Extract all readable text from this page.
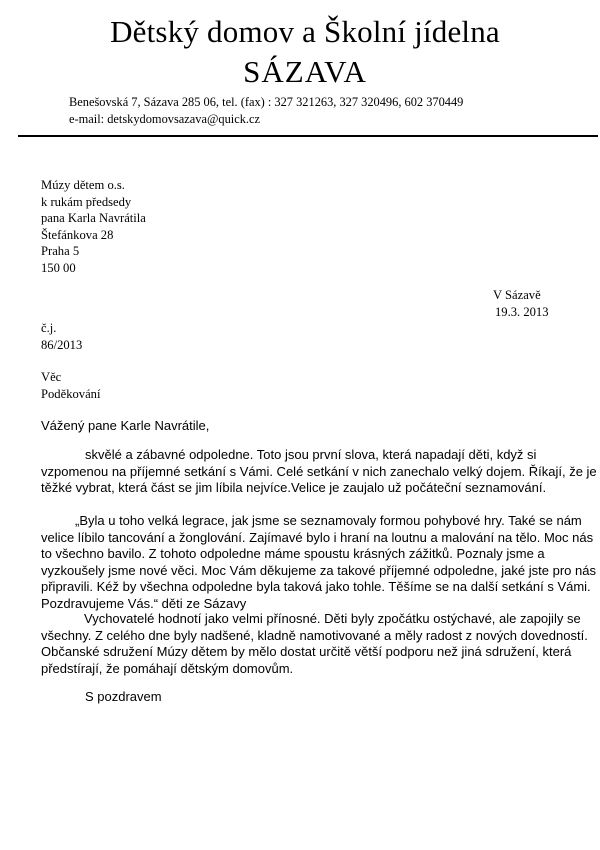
Dětský domov a Školní jídelna
SÁZAVA
Benešovská 7, Sázava 285 06, tel. (fax) : 327 321263, 327 320496, 602 370449
e-mail: detskydomovsazava@quick.cz
Múzy dětem o.s.
k rukám předsedy
pana Karla Navrátila
Štefánkova 28
Praha 5
150 00
V Sázavě
19.3. 2013
č.j.
86/2013
Věc
Poděkování
Vážený pane Karle Navrátile,
skvělé a zábavné odpoledne. Toto jsou první slova, která napadají děti, když si
vzpomenou na příjemné setkání s Vámi. Celé setkání v nich zanechalo velký dojem. Říkají, že je
těžké vybrat, která část se jim líbila nejvíce.Velice je zaujalo už počáteční seznamování.
„Byla u toho velká legrace, jak jsme se seznamovaly formou pohybové hry. Také se nám
velice líbilo tancování a žonglování. Zajímavé bylo i hraní na loutnu a malování na tělo. Moc nás
to všechno bavilo. Z tohoto odpoledne máme spoustu krásných zážitků. Poznaly jsme a
vyzkoušely jsme nové věci. Moc Vám děkujeme za takové příjemné odpoledne, jaké jste pro nás
připravili. Kéž by všechna odpoledne byla taková jako tohle. Těšíme se na další setkání s Vámi.
Pozdravujeme Vás.“ děti ze Sázavy
Vychovatelé hodnotí jako velmi přínosné. Děti byly zpočátku ostýchavé, ale zapojily se
všechny. Z celého dne byly nadšené, kladně namotivované a měly radost z nových dovedností.
Občanské sdružení Múzy dětem by mělo dostat určitě větší podporu než jiná sdružení, která
předstírají, že pomáhají dětským domovům.
S pozdravem
